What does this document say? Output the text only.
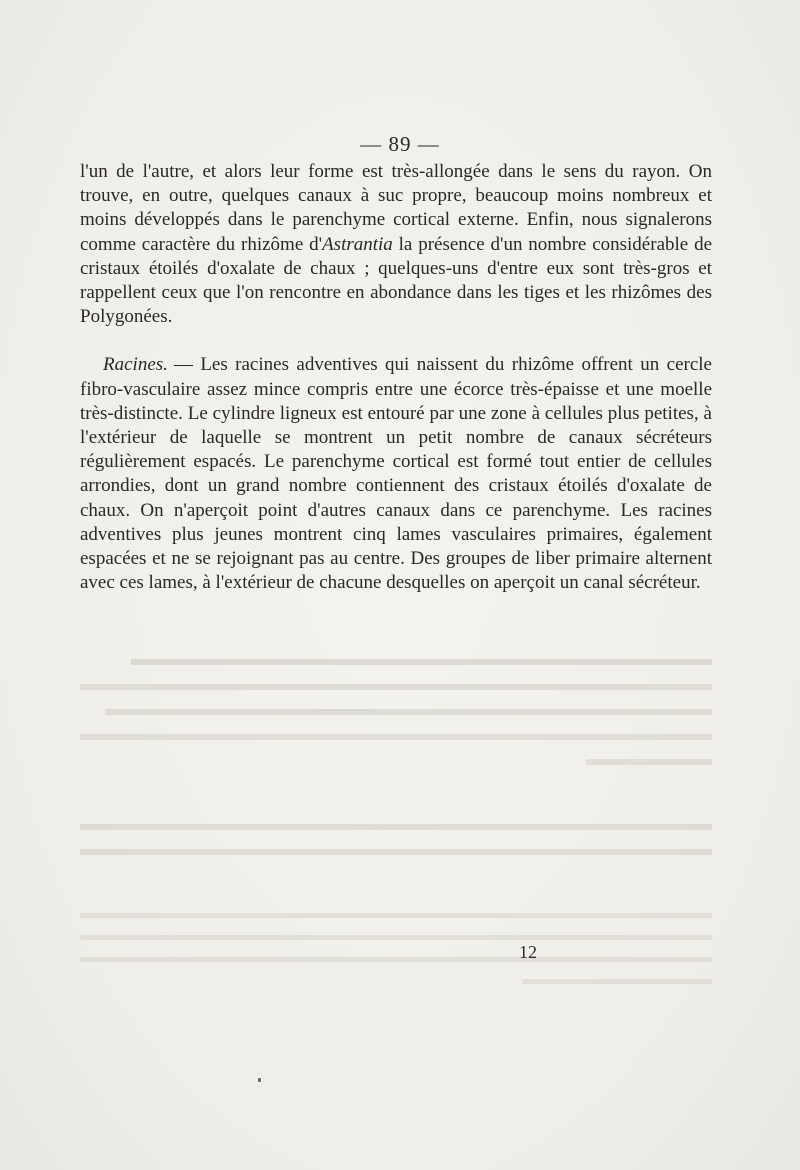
— 89 —

l'un de l'autre, et alors leur forme est très-allongée dans le sens du rayon. On trouve, en outre, quelques canaux à suc propre, beaucoup moins nombreux et moins développés dans le parenchyme cortical externe. Enfin, nous signalerons comme caractère du rhizôme d'Astrantia la présence d'un nombre considérable de cristaux étoilés d'oxalate de chaux ; quelques-uns d'entre eux sont très-gros et rappellent ceux que l'on rencontre en abondance dans les tiges et les rhizômes des Polygonées.

Racines. — Les racines adventives qui naissent du rhizôme offrent un cercle fibro-vasculaire assez mince compris entre une écorce très-épaisse et une moelle très-distincte. Le cylindre ligneux est entouré par une zone à cellules plus petites, à l'extérieur de laquelle se montrent un petit nombre de canaux sécréteurs régulièrement espacés. Le parenchyme cortical est formé tout entier de cellules arrondies, dont un grand nombre contiennent des cristaux étoilés d'oxalate de chaux. On n'aperçoit point d'autres canaux dans ce parenchyme. Les racines adventives plus jeunes montrent cinq lames vasculaires primaires, également espacées et ne se rejoignant pas au centre. Des groupes de liber primaire alternent avec ces lames, à l'extérieur de chacune desquelles on aperçoit un canal sécréteur.

12
